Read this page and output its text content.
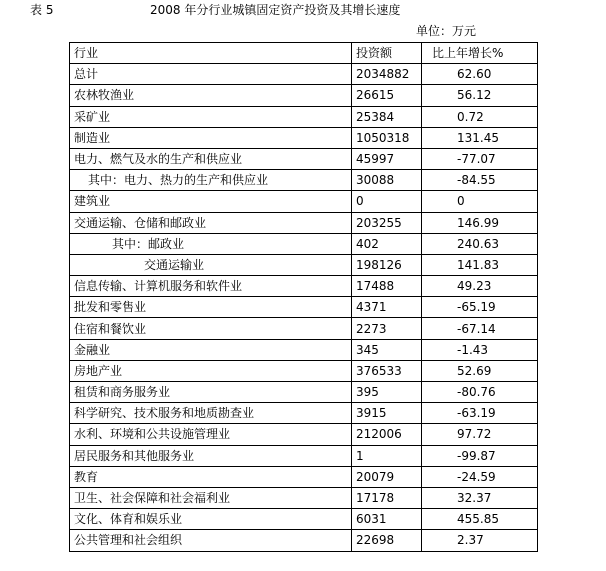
表 5	2008 年分行业城镇固定资产投资及其增长速度
单位：万元
行业	投资额	比上年增长%
总计	2034882	62.60
农林牧渔业	26615	56.12
采矿业	25384	0.72
制造业	1050318	131.45
电力、燃气及水的生产和供应业	45997	-77.07
其中：电力、热力的生产和供应业	30088	-84.55
建筑业	0	0
交通运输、仓储和邮政业	203255	146.99
其中：邮政业	402	240.63
交通运输业	198126	141.83
信息传输、计算机服务和软件业	17488	49.23
批发和零售业	4371	-65.19
住宿和餐饮业	2273	-67.14
金融业	345	-1.43
房地产业	376533	52.69
租赁和商务服务业	395	-80.76
科学研究、技术服务和地质勘查业	3915	-63.19
水利、环境和公共设施管理业	212006	97.72
居民服务和其他服务业	1	-99.87
教育	20079	-24.59
卫生、社会保障和社会福利业	17178	32.37
文化、体育和娱乐业	6031	455.85
公共管理和社会组织	22698	2.37
